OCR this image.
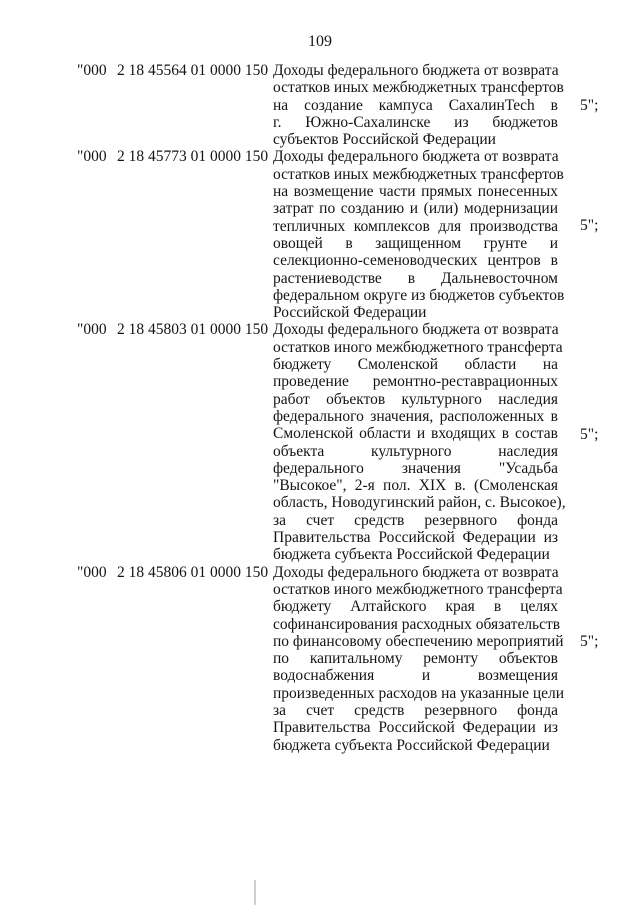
109
"000 2 18 45564 01 0000 150 Доходы федерального бюджета от возврата
остатков иных межбюджетных трансфертов
на создание кампуса СахалинTech в
г. Южно-Сахалинске из бюджетов
субъектов Российской Федерации
5";
"000 2 18 45773 01 0000 150 Доходы федерального бюджета от возврата
остатков иных межбюджетных трансфертов
на возмещение части прямых понесенных
затрат по созданию и (или) модернизации
тепличных комплексов для производства
овощей в защищенном грунте и
селекционно-семеноводческих центров в
растениеводстве в Дальневосточном
федеральном округе из бюджетов субъектов
Российской Федерации
5";
"000 2 18 45803 01 0000 150 Доходы федерального бюджета от возврата
остатков иного межбюджетного трансферта
бюджету Смоленской области на
проведение ремонтно-реставрационных
работ объектов культурного наследия
федерального значения, расположенных в
Смоленской области и входящих в состав
объекта культурного наследия
федерального значения "Усадьба
"Высокое", 2-я пол. XIX в. (Смоленская
область, Новодугинский район, с. Высокое),
за счет средств резервного фонда
Правительства Российской Федерации из
бюджета субъекта Российской Федерации
5";
"000 2 18 45806 01 0000 150 Доходы федерального бюджета от возврата
остатков иного межбюджетного трансферта
бюджету Алтайского края в целях
софинансирования расходных обязательств
по финансовому обеспечению мероприятий
по капитальному ремонту объектов
водоснабжения и возмещения
произведенных расходов на указанные цели
за счет средств резервного фонда
Правительства Российской Федерации из
бюджета субъекта Российской Федерации
5";
